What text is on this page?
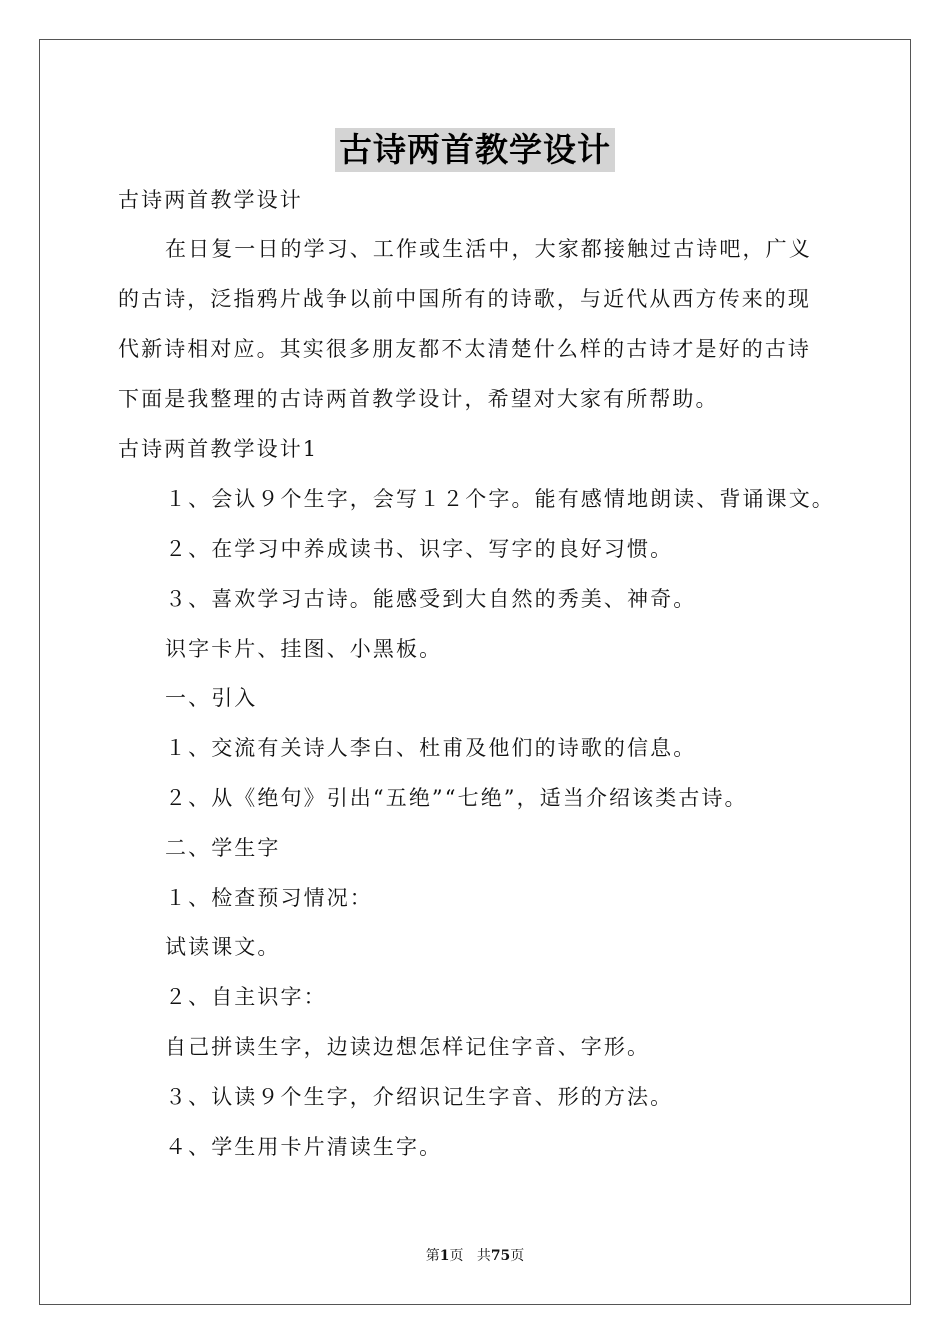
古诗两首教学设计
古诗两首教学设计
在日复一日的学习、工作或生活中，大家都接触过古诗吧，广义
的古诗，泛指鸦片战争以前中国所有的诗歌，与近代从西方传来的现
代新诗相对应。其实很多朋友都不太清楚什么样的古诗才是好的古诗
下面是我整理的古诗两首教学设计，希望对大家有所帮助。
古诗两首教学设计1
１、会认９个生字，会写１２个字。能有感情地朗读、背诵课文。
２、在学习中养成读书、识字、写字的良好习惯。
３、喜欢学习古诗。能感受到大自然的秀美、神奇。
识字卡片、挂图、小黑板。
一、引入
１、交流有关诗人李白、杜甫及他们的诗歌的信息。
２、从《绝句》引出“五绝”“七绝”，适当介绍该类古诗。
二、学生字
１、检查预习情况：
试读课文。
２、自主识字：
自己拼读生字，边读边想怎样记住字音、字形。
３、认读９个生字，介绍识记生字音、形的方法。
４、学生用卡片清读生字。
第1页 共75页
